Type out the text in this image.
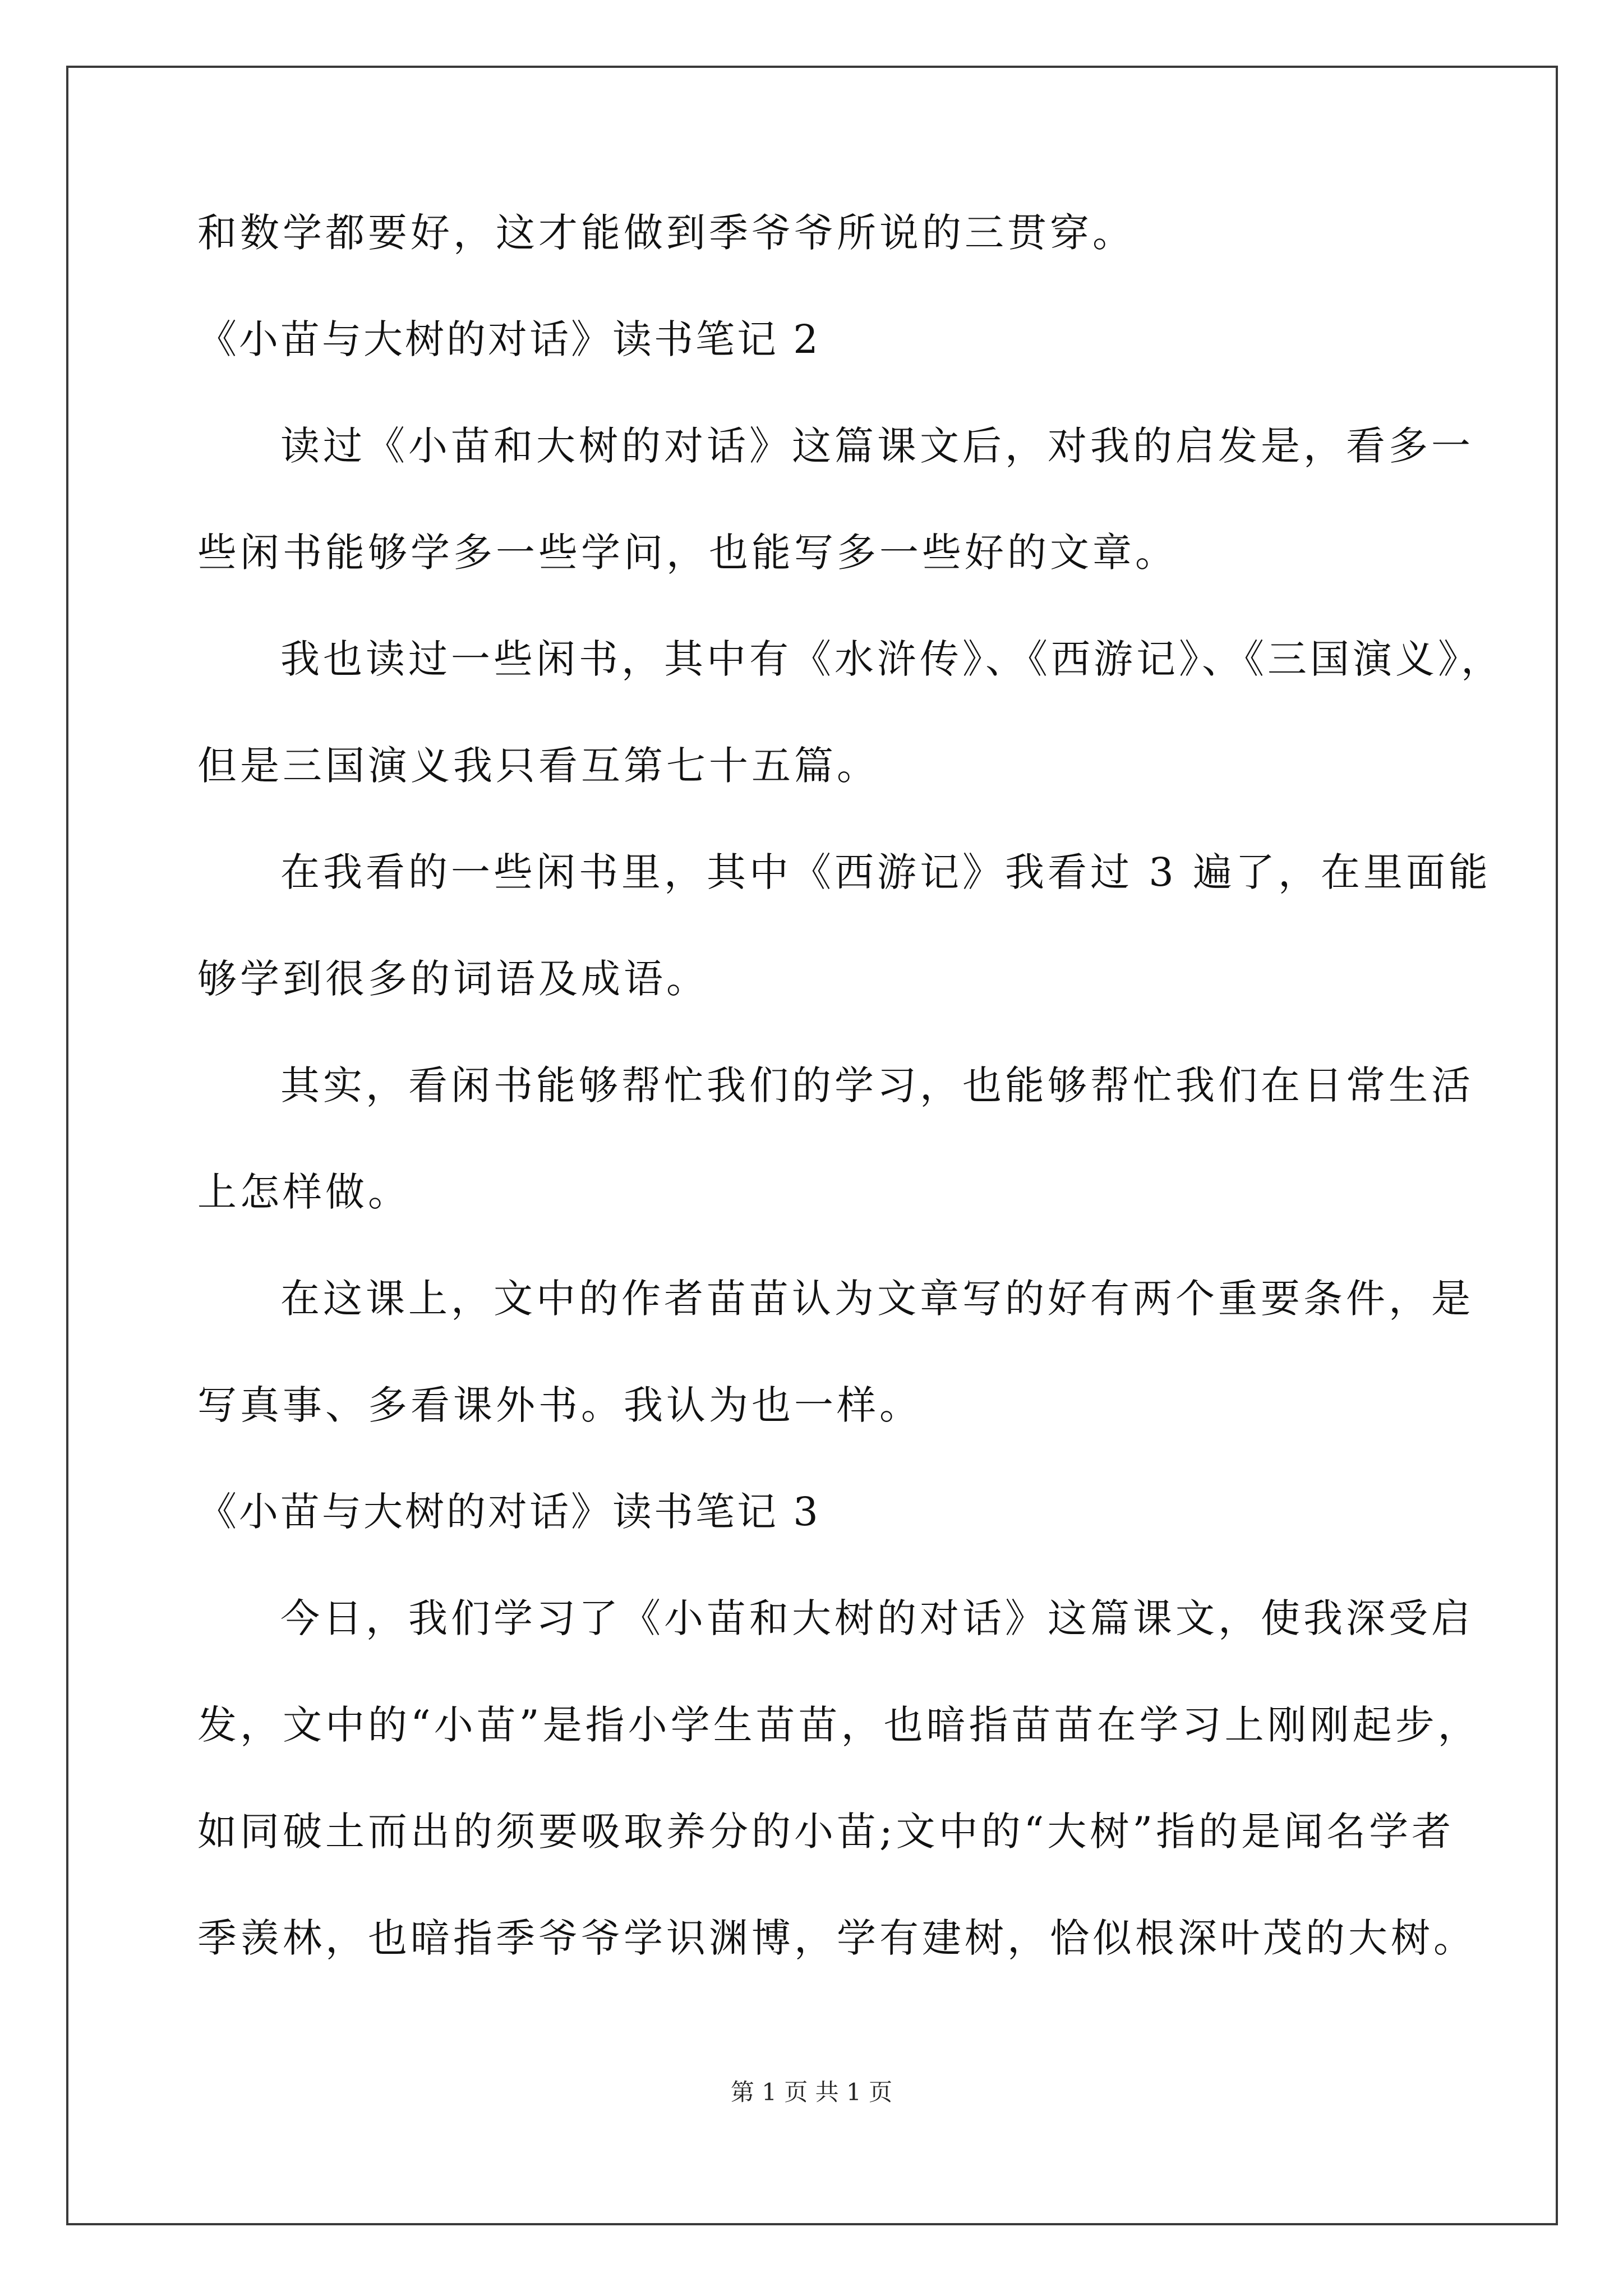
和数学都要好，这才能做到季爷爷所说的三贯穿。
《小苗与大树的对话》读书笔记 2
读过《小苗和大树的对话》这篇课文后，对我的启发是，看多一
些闲书能够学多一些学问，也能写多一些好的文章。
我也读过一些闲书，其中有《水浒传》、《西游记》、《三国演义》，
但是三国演义我只看互第七十五篇。
在我看的一些闲书里，其中《西游记》我看过 3 遍了，在里面能
够学到很多的词语及成语。
其实，看闲书能够帮忙我们的学习，也能够帮忙我们在日常生活
上怎样做。
在这课上，文中的作者苗苗认为文章写的好有两个重要条件，是
写真事、多看课外书。我认为也一样。
《小苗与大树的对话》读书笔记 3
今日，我们学习了《小苗和大树的对话》这篇课文，使我深受启
发，文中的“小苗”是指小学生苗苗，也暗指苗苗在学习上刚刚起步，
如同破土而出的须要吸取养分的小苗;文中的“大树”指的是闻名学者
季羡林，也暗指季爷爷学识渊博，学有建树，恰似根深叶茂的大树。
第 1 页 共 1 页
